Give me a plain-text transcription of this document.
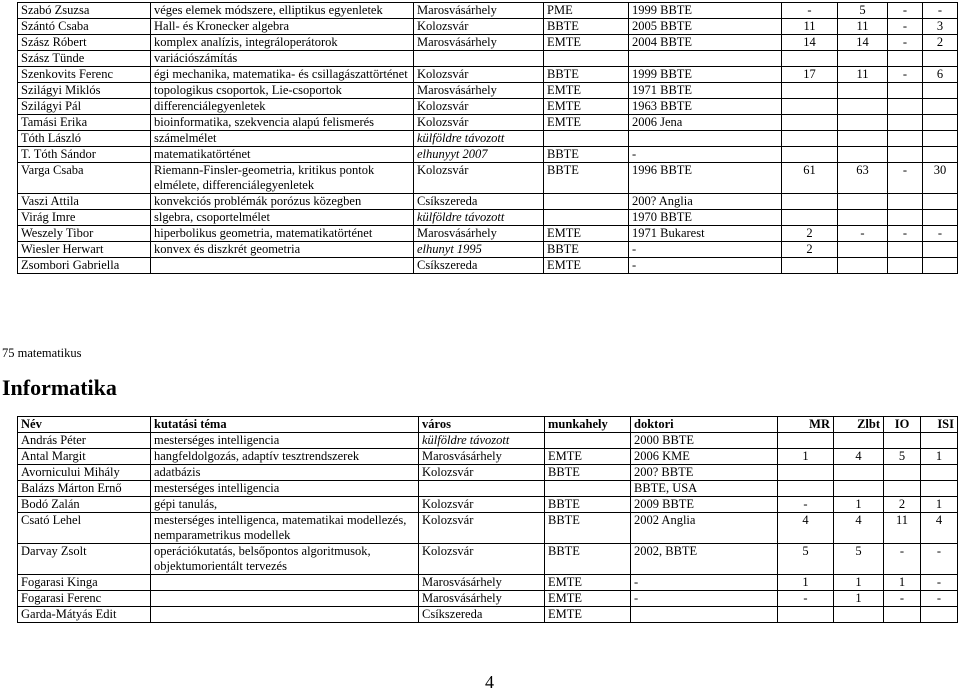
Szabó Zsuzsa	véges elemek módszere, elliptikus egyenletek	Marosvásárhely	PME	1999 BBTE	-	5	-	-
Szántó Csaba	Hall- és Kronecker algebra	Kolozsvár	BBTE	2005 BBTE	11	11	-	3
Szász Róbert	komplex analízis, integráloperátorok	Marosvásárhely	EMTE	2004 BBTE	14	14	-	2
Szász Tünde	variációszámítás							
Szenkovits Ferenc	égi mechanika, matematika- és csillagászattörténet	Kolozsvár	BBTE	1999 BBTE	17	11	-	6
Szilágyi Miklós	topologikus csoportok, Lie-csoportok	Marosvásárhely	EMTE	1971 BBTE				
Szilágyi Pál	differenciálegyenletek	Kolozsvár	EMTE	1963 BBTE				
Tamási Erika	bioinformatika, szekvencia alapú felismerés	Kolozsvár	EMTE	2006 Jena				
Tóth László	számelmélet	külföldre távozott						
T. Tóth Sándor	matematikatörténet	elhunyyt 2007	BBTE	-				
Varga Csaba	Riemann-Finsler-geometria, kritikus pontok elmélete, differenciálegyenletek	Kolozsvár	BBTE	1996 BBTE	61	63	-	30
Vaszi Attila	konvekciós problémák porózus közegben	Csíkszereda		200? Anglia				
Virág Imre	slgebra, csoportelmélet	külföldre távozott		1970 BBTE				
Weszely Tibor	hiperbolikus geometria, matematikatörténet	Marosvásárhely	EMTE	1971 Bukarest	2	-	-	-
Wiesler Herwart	konvex és diszkrét geometria	elhunyt 1995	BBTE	-	2			
Zsombori Gabriella		Csíkszereda	EMTE	-				
75 matematikus
Informatika
Név	kutatási téma	város	munkahely	doktori	MR	Zlbt	IO	ISI
András Péter	mesterséges intelligencia	külföldre távozott		2000 BBTE				
Antal Margit	hangfeldolgozás, adaptív tesztrendszerek	Marosvásárhely	EMTE	2006 KME	1	4	5	1
Avornicului Mihály	adatbázis	Kolozsvár	BBTE	200? BBTE				
Balázs Márton Ernő	mesterséges intelligencia			BBTE, USA				
Bodó Zalán	gépi tanulás,	Kolozsvár	BBTE	2009 BBTE	-	1	2	1
Csató Lehel	mesterséges intelligenca, matematikai modellezés, nemparametrikus modellek	Kolozsvár	BBTE	2002 Anglia	4	4	11	4
Darvay Zsolt	operációkutatás, belsőpontos algoritmusok, objektumorientált tervezés	Kolozsvár	BBTE	2002, BBTE	5	5	-	-
Fogarasi Kinga		Marosvásárhely	EMTE	-	1	1	1	-
Fogarasi Ferenc		Marosvásárhely	EMTE	-	-	1	-	-
Garda-Mátyás Edit		Csíkszereda	EMTE					
4
